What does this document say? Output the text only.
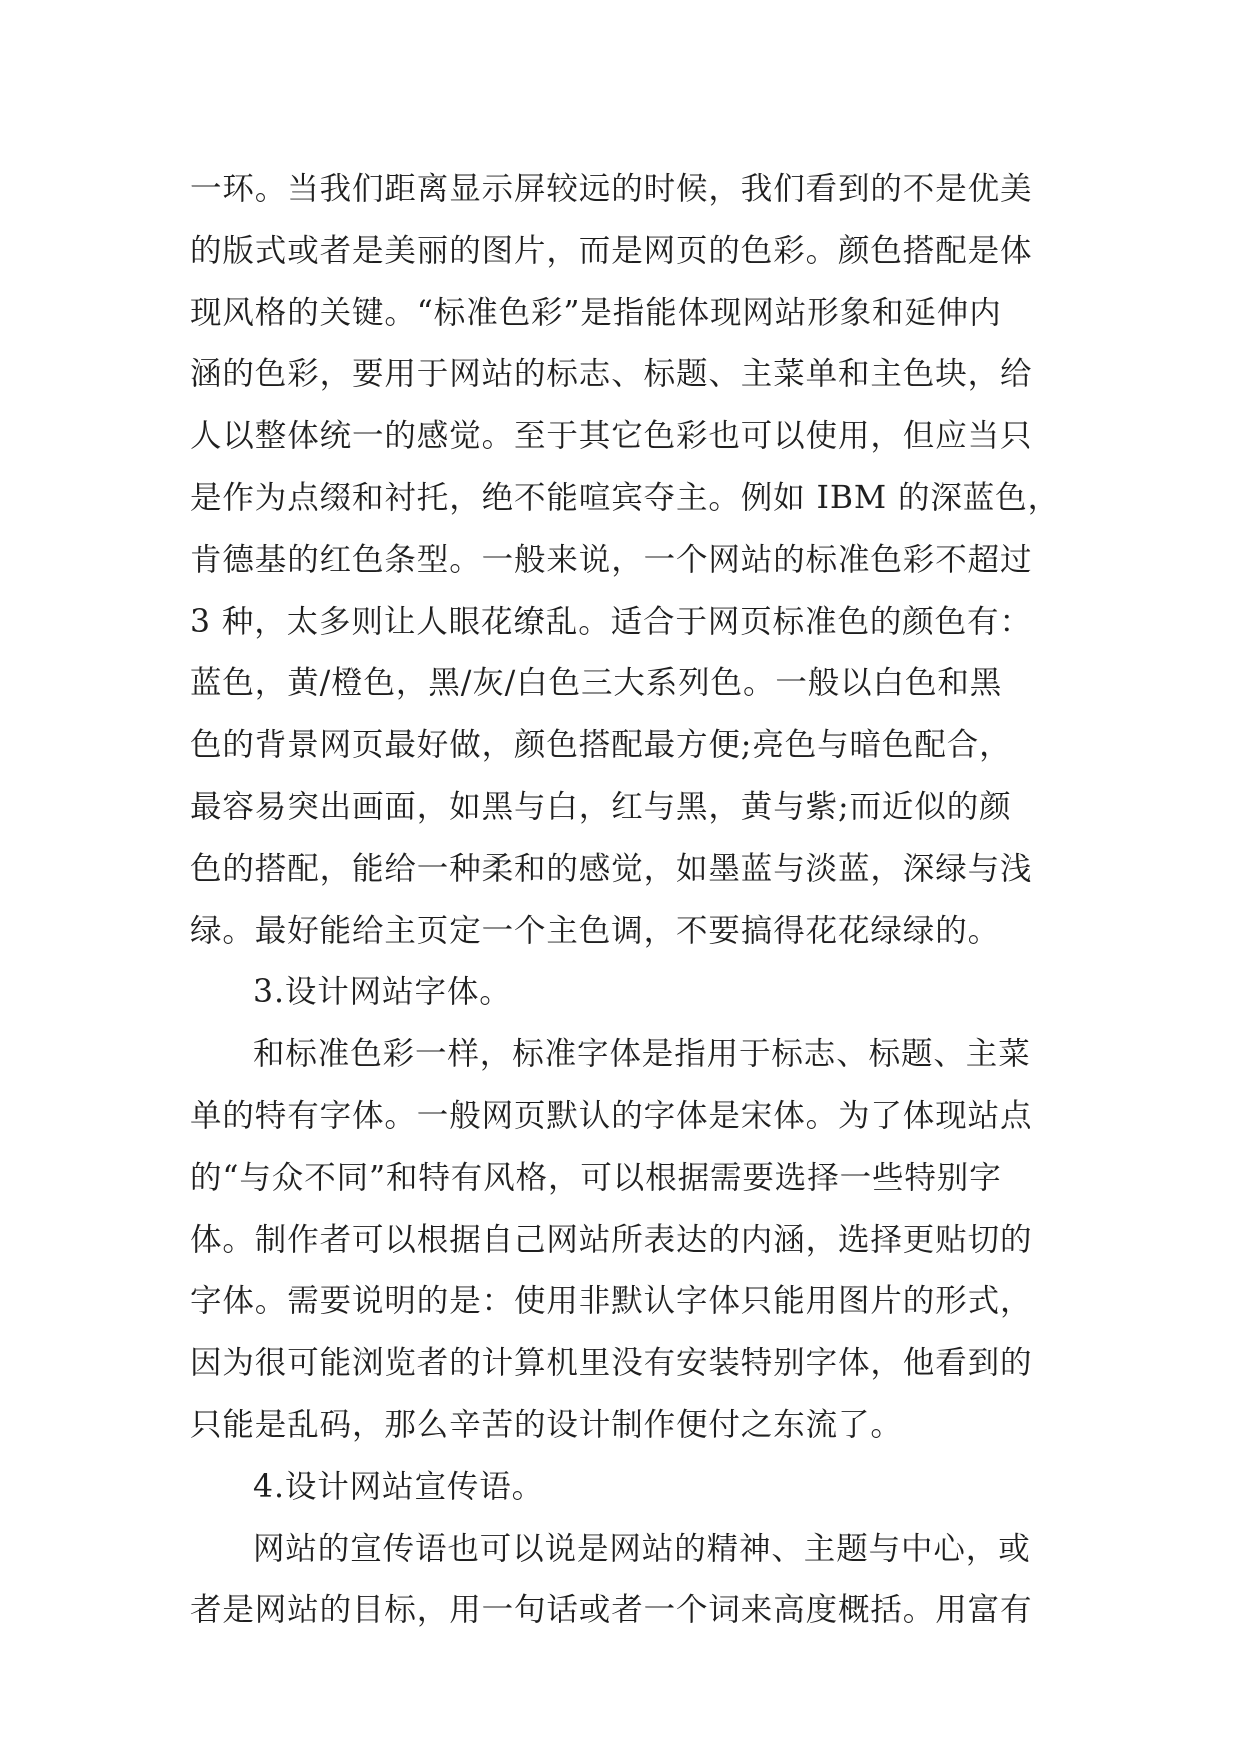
一环。当我们距离显示屏较远的时候，我们看到的不是优美
的版式或者是美丽的图片，而是网页的色彩。颜色搭配是体
现风格的关键。“标准色彩”是指能体现网站形象和延伸内
涵的色彩，要用于网站的标志、标题、主菜单和主色块，给
人以整体统一的感觉。至于其它色彩也可以使用，但应当只
是作为点缀和衬托，绝不能喧宾夺主。例如 IBM 的深蓝色，
肯德基的红色条型。一般来说，一个网站的标准色彩不超过
3 种，太多则让人眼花缭乱。适合于网页标准色的颜色有：
蓝色，黄/橙色，黑/灰/白色三大系列色。一般以白色和黑
色的背景网页最好做，颜色搭配最方便;亮色与暗色配合，
最容易突出画面，如黑与白，红与黑，黄与紫;而近似的颜
色的搭配，能给一种柔和的感觉，如墨蓝与淡蓝，深绿与浅
绿。最好能给主页定一个主色调，不要搞得花花绿绿的。
3.设计网站字体。
和标准色彩一样，标准字体是指用于标志、标题、主菜
单的特有字体。一般网页默认的字体是宋体。为了体现站点
的“与众不同”和特有风格，可以根据需要选择一些特别字
体。制作者可以根据自己网站所表达的内涵，选择更贴切的
字体。需要说明的是：使用非默认字体只能用图片的形式，
因为很可能浏览者的计算机里没有安装特别字体，他看到的
只能是乱码，那么辛苦的设计制作便付之东流了。
4.设计网站宣传语。
网站的宣传语也可以说是网站的精神、主题与中心，或
者是网站的目标，用一句话或者一个词来高度概括。用富有
